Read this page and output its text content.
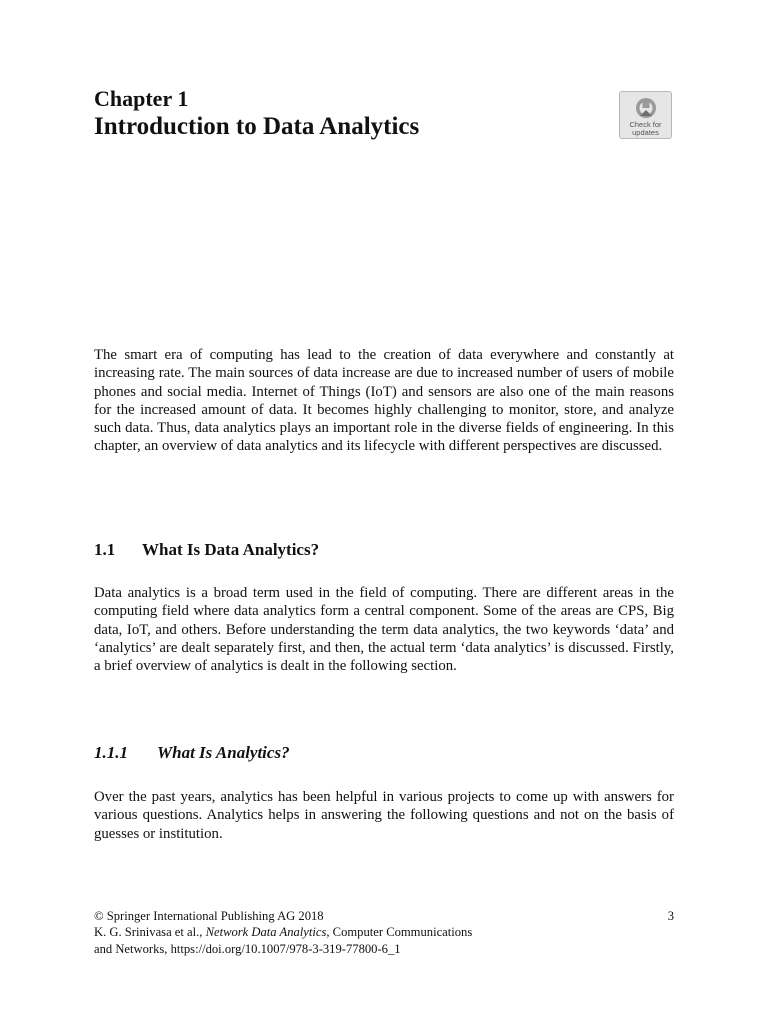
Chapter 1
Introduction to Data Analytics	Check for
updates

The smart era of computing has lead to the creation of data everywhere and constantly at increasing rate. The main sources of data increase are due to increased number of users of mobile phones and social media. Internet of Things (IoT) and sensors are also one of the main reasons for the increased amount of data. It becomes highly challenging to monitor, store, and analyze such data. Thus, data analytics plays an important role in the diverse fields of engineering. In this chapter, an overview of data analytics and its lifecycle with different perspectives are discussed.

1.1 What Is Data Analytics?

Data analytics is a broad term used in the field of computing. There are different areas in the computing field where data analytics form a central component. Some of the areas are CPS, Big data, IoT, and others. Before understanding the term data analytics, the two keywords ‘data’ and ‘analytics’ are dealt separately first, and then, the actual term ‘data analytics’ is discussed. Firstly, a brief overview of analytics is dealt in the following section.

1.1.1 What Is Analytics?

Over the past years, analytics has been helpful in various projects to come up with answers for various questions. Analytics helps in answering the following questions and not on the basis of guesses or institution.

© Springer International Publishing AG 2018
K. G. Srinivasa et al., Network Data Analytics, Computer Communications
and Networks, https://doi.org/10.1007/978-3-319-77800-6_1
3
